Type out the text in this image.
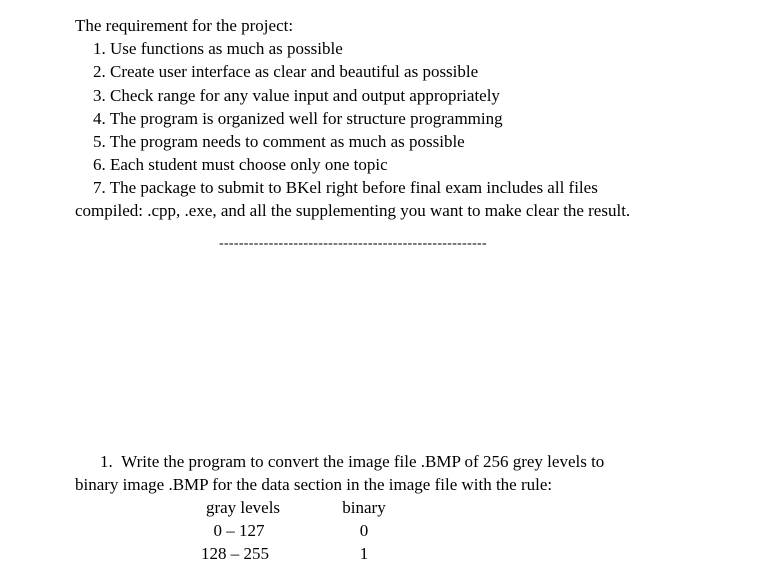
The requirement for the project:
1. Use functions as much as possible
2. Create user interface as clear and beautiful as possible
3. Check range for any value input and output appropriately
4. The program is organized well for structure programming
5. The program needs to comment as much as possible
6. Each student must choose only one topic
7. The package to submit to BKel right before final exam includes all files
compiled: .cpp, .exe, and all the supplementing you want to make clear the result.
------------------------------------------------------
1.  Write the program to convert the image file .BMP of 256 grey levels to
binary image .BMP for the data section in the image file with the rule:
gray levels	binary
0 – 127	0
128 – 255	1
